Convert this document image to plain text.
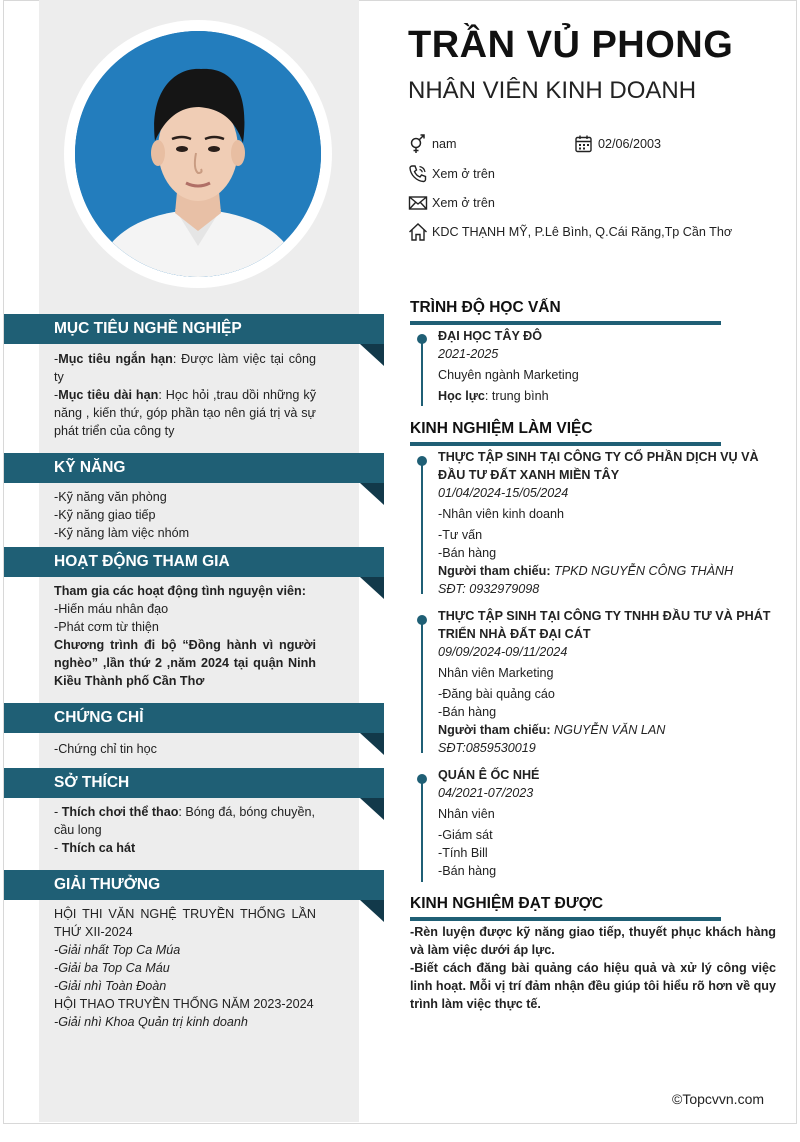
MỤC TIÊU NGHỀ NGHIỆP
-Mục tiêu ngắn hạn: Được làm việc tại công ty
-Mục tiêu dài hạn: Học hỏi ,trau dồi những kỹ năng , kiến thứ, góp phần tạo nên giá trị và sự phát triển của công ty
KỸ NĂNG
-Kỹ năng văn phòng
-Kỹ năng giao tiếp
-Kỹ năng làm việc nhóm
HOẠT ĐỘNG THAM GIA
Tham gia các hoạt động tình nguyện viên:
-Hiến máu nhân đạo
-Phát cơm từ thiện
Chương trình đi bộ “Đồng hành vì người nghèo” ,lần thứ 2 ,năm 2024 tại quận Ninh Kiều Thành phố Cần Thơ
CHỨNG CHỈ
-Chứng chỉ tin học
SỞ THÍCH
- Thích chơi thể thao: Bóng đá, bóng chuyền, cầu long
- Thích ca hát
GIẢI THƯỞNG
HỘI THI VĂN NGHỆ TRUYỀN THỐNG LẦN THỨ XII-2024
-Giải nhất Top Ca Múa
-Giải ba Top Ca Máu
-Giải nhì Toàn Đoàn
HỘI THAO TRUYỀN THỐNG NĂM 2023-2024
-Giải nhì Khoa Quản trị kinh doanh
TRẦN VỦ PHONG
NHÂN VIÊN KINH DOANH
nam	02/06/2003
Xem ở trên
Xem ở trên
KDC THẠNH MỸ, P.Lê Bình, Q.Cái Răng,Tp Cần Thơ
TRÌNH ĐỘ HỌC VẤN
ĐẠI HỌC TÂY ĐÔ
2021-2025
Chuyên ngành Marketing
Học lực: trung bình
KINH NGHIỆM LÀM VIỆC
THỰC TẬP SINH TẠI CÔNG TY CỔ PHẦN DỊCH VỤ VÀ ĐẦU TƯ ĐẤT XANH MIỀN TÂY
01/04/2024-15/05/2024
-Nhân viên kinh doanh
-Tư vấn
-Bán hàng
Người tham chiếu: TPKD NGUYỄN CÔNG THÀNH
SĐT: 0932979098
THỰC TẬP SINH TẠI CÔNG TY TNHH ĐẦU TƯ VÀ PHÁT TRIỂN NHÀ ĐẤT ĐẠI CÁT
09/09/2024-09/11/2024
Nhân viên Marketing
-Đăng bài quảng cáo
-Bán hàng
Người tham chiếu: NGUYỄN VĂN LAN
SĐT:0859530019
QUÁN Ê ỐC NHÉ
04/2021-07/2023
Nhân viên
-Giám sát
-Tính Bill
-Bán hàng
KINH NGHIỆM ĐẠT ĐƯỢC
-Rèn luyện được kỹ năng giao tiếp, thuyết phục khách hàng và làm việc dưới áp lực.
-Biết cách đăng bài quảng cáo hiệu quả và xử lý công việc linh hoạt. Mỗi vị trí đảm nhận đều giúp tôi hiểu rõ hơn về quy trình làm việc thực tế.
©Topcvvn.com
